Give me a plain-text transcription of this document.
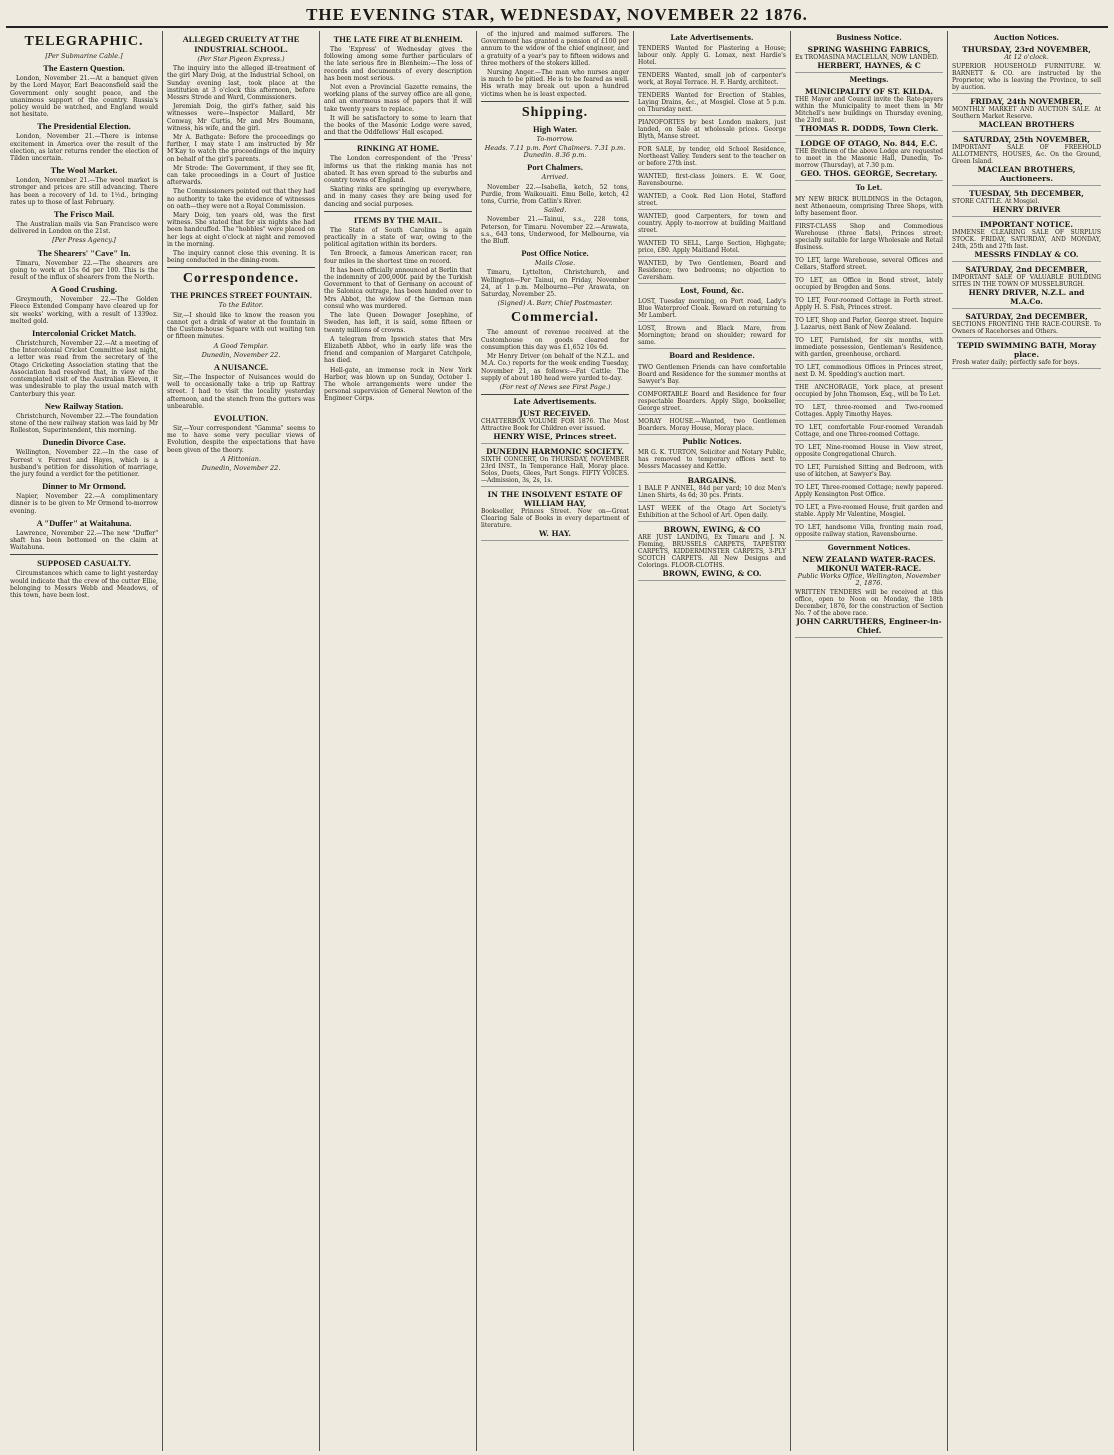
THE EVENING STAR, WEDNESDAY, NOVEMBER 22 1876.
TELEGRAPHIC.
[Per Submarine Cable.]
The Eastern Question.

London, November 21.—At a banquet given by the Lord Mayor, Earl Beaconsfield said the Government only sought peace, and the unanimous support of the country. Russia's policy would be watched, and England would not hesitate.

The Presidential Election.

London, November 21.—There is intense excitement in America over the result of the election, as later returns render the election of Tilden uncertain.

The Wool Market.

London, November 21.—The wool market is stronger and prices are still advancing. There has been a recovery of 1d. to 1½d., bringing rates up to those of last February.

The Frisco Mail.

The Australian mails via San Francisco were delivered in London on the 21st.

[Per Press Agency.]
The Shearers' "Cave" In.

Timaru, November 22.—The shearers are going to work at 15s 6d per 100. This is the result of the influx of shearers from the North.

A Good Crushing.

Greymouth, November 22.—The Golden Fleece Extended Company have cleared up for six weeks' working, with a result of 1339oz. melted gold.

Intercolonial Cricket Match.

Christchurch, November 22.—At a meeting of the Intercolonial Cricket Committee last night, a letter was read from the secretary of the Otago Cricketing Association stating that the Association had resolved that, in view of the contemplated visit of the Australian Eleven, it was undesirable to play the usual match with Canterbury this year.

New Railway Station.

Christchurch, November 22.—The foundation stone of the new railway station was laid by Mr Rolleston, Superintendent, this morning.

Dunedin Divorce Case.

Wellington, November 22.—In the case of Forrest v. Forrest and Hayes, which is a husband's petition for dissolution of marriage, the jury found a verdict for the petitioner.

Dinner to Mr Ormond.

Napier, November 22.—A complimentary dinner is to be given to Mr Ormond to-morrow evening.

A "Duffer" at Waitahuna.

Lawrence, November 22.—The new "Duffer" shaft has been bottomed on the claim at Waitahuna.

SUPPOSED CASUALTY.

Circumstances which came to light yesterday would indicate that the crew of the cutter Ellie, belonging to Messrs Webb and Meadows, of this town, have been lost.

ALLEGED CRUELTY AT THE INDUSTRIAL SCHOOL.
(Per Star Pigeon Express.)

The inquiry into the alleged ill-treatment of the girl Mary Doig, at the Industrial School, on Sunday evening last, took place at the institution at 3 o'clock this afternoon, before Messrs Strode and Ward, Commissioners.

Jeremiah Doig, the girl's father, said his witnesses were—Inspector Mallard, Mr Conway, Mr Curtis, Mr and Mrs Boumann, witness, his wife, and the girl.

Mr A. Bathgate: Before the proceedings go further, I may state I am instructed by Mr M'Kay to watch the proceedings of the inquiry on behalf of the girl's parents.

Mr Strode: The Government, if they see fit, can take proceedings in a Court of Justice afterwards.

The Commissioners pointed out that they had no authority to take the evidence of witnesses on oath—they were not a Royal Commission.

Mary Doig, ten years old, was the first witness. She stated that for six nights she had been handcuffed. The "hobbles" were placed on her legs at eight o'clock at night and removed in the morning.

The inquiry cannot close this evening. It is being conducted in the dining-room.

Correspondence.
THE PRINCES STREET FOUNTAIN.
To the Editor.

Sir,—I should like to know the reason you cannot get a drink of water at the fountain in the Custom-house Square with out waiting ten or fifteen minutes.

A Good Templar.
Dunedin, November 22.
A NUISANCE.

Sir,—The Inspector of Nuisances would do well to occasionally take a trip up Rattray street. I had to visit the locality yesterday afternoon, and the stench from the gutters was unbearable.

EVOLUTION.

Sir,—Your correspondent "Gamma" seems to me to have some very peculiar views of Evolution, despite the expectations that have been given of the theory.

A Hittonian.
Dunedin, November 22.
THE LATE FIRE AT BLENHEIM.

The 'Express' of Wednesday gives the following among some further particulars of the late serious fire in Blenheim:—The loss of records and documents of every description has been most serious.

Not even a Provincial Gazette remains, the working plans of the survey office are all gone, and an enormous mass of papers that it will take twenty years to replace.

It will be satisfactory to some to learn that the books of the Masonic Lodge were saved, and that the Oddfellows' Hall escaped.

RINKING AT HOME.

The London correspondent of the 'Press' informs us that the rinking mania has not abated. It has even spread to the suburbs and country towns of England.

Skating rinks are springing up everywhere, and in many cases they are being used for dancing and social purposes.

ITEMS BY THE MAIL.

The State of South Carolina is again practically in a state of war, owing to the political agitation within its borders.

Ten Broeck, a famous American racer, ran four miles in the shortest time on record.

It has been officially announced at Berlin that the indemnity of 200,000f. paid by the Turkish Government to that of Germany on account of the Salonica outrage, has been handed over to Mrs Abbot, the widow of the German man consul who was murdered.

The late Queen Dowager Josephine, of Sweden, has left, it is said, some fifteen or twenty millions of crowns.

A telegram from Ipswich states that Mrs Elizabeth Abbot, who in early life was the friend and companion of Margaret Catchpole, has died.

Hell-gate, an immense rock in New York Harbor, was blown up on Sunday, October 1. The whole arrangements were under the personal supervision of General Newton of the Engineer Corps.

of the injured and maimed sufferers. The Government has granted a pension of £100 per annum to the widow of the chief engineer, and a gratuity of a year's pay to fifteen widows and three mothers of the stokers killed.

Nursing Anger.—The man who nurses anger is much to be pitied. He is to be feared as well. His wrath may break out upon a hundred victims when he is least expected.

Shipping.
High Water.
To-morrow.
Heads. 7.11 p.m. Port Chalmers. 7.31 p.m. Dunedin. 8.36 p.m.
Port Chalmers.
Arrived.

November 22.—Isabella, ketch, 52 tons, Purdie, from Waikouaiti. Emu Belle, ketch, 42 tons, Currie, from Catlin's River.

Sailed.

November 21.—Tainui, s.s., 228 tons, Peterson, for Timaru. November 22.—Arawata, s.s., 643 tons, Underwood, for Melbourne, via the Bluff.

Post Office Notice.
Mails Close.

Timaru, Lyttelton, Christchurch, and Wellington—Per Tainui, on Friday, November 24, at 1 p.m. Melbourne—Per Arawata, on Saturday, November 25.

(Signed) A. Barr, Chief Postmaster.
Commercial.

The amount of revenue received at the Customhouse on goods cleared for consumption this day was £1,652 10s 6d.

Mr Henry Driver (on behalf of the N.Z.L. and M.A. Co.) reports for the week ending Tuesday, November 21, as follows:—Fat Cattle: The supply of about 180 head were yarded to-day.

(For rest of News see First Page.)
Late Advertisements.
JUST RECEIVED.
CHATTERBOX VOLUME FOR 1876. The Most Attractive Book for Children ever issued.
HENRY WISE, Princes street.
DUNEDIN HARMONIC SOCIETY.
SIXTH CONCERT, On THURSDAY, NOVEMBER 23rd INST., In Temperance Hall, Moray place. Solos, Duets, Glees, Part Songs. FIFTY VOICES.—Admission, 3s, 2s, 1s.
IN THE INSOLVENT ESTATE OF WILLIAM HAY,
Bookseller, Princes Street. Now on—Great Clearing Sale of Books in every department of literature.
W. HAY.
Late Advertisements.
TENDERS Wanted for Plastering a House; labour only. Apply G. Lomax, next Hardie's Hotel.
TENDERS Wanted, small job of carpenter's work, at Royal Terrace. H. F. Hardy, architect.
TENDERS Wanted for Erection of Stables, Laying Drains, &c., at Mosgiel. Close at 5 p.m. on Thursday next.
PIANOFORTES by best London makers, just landed, on Sale at wholesale prices. George Blyth, Manse street.
FOR SALE, by tender, old School Residence, Northeast Valley. Tenders sent to the teacher on or before 27th inst.
WANTED, first-class Joiners. E. W. Goer, Ravensbourne.
WANTED, a Cook. Red Lion Hotel, Stafford street.
WANTED, good Carpenters, for town and country. Apply to-morrow at building Maitland street.
WANTED TO SELL, Large Section, Highgate; price, £80. Apply Maitland Hotel.
WANTED, by Two Gentlemen, Board and Residence; two bedrooms; no objection to Caversham.
Lost, Found, &c.
LOST, Tuesday morning, on Port road, Lady's Blue Waterproof Cloak. Reward on returning to Mr Lambert.
LOST, Brown and Black Mare, from Mornington; brand on shoulder; reward for same.
Board and Residence.
TWO Gentlemen Friends can have comfortable Board and Residence for the summer months at Sawyer's Bay.
COMFORTABLE Board and Residence for four respectable Boarders. Apply Sligo, bookseller, George street.
MORAY HOUSE.—Wanted, two Gentlemen Boarders. Moray House, Moray place.
Public Notices.
MR G. K. TURTON, Solicitor and Notary Public, has removed to temporary offices next to Messrs Macassey and Kettle.
BARGAINS.
1 BALE P ANNEL, 84d per yard; 10 doz Men's Linen Shirts, 4s 6d; 30 pcs. Prints.
LAST WEEK of the Otago Art Society's Exhibition at the School of Art. Open daily.
BROWN, EWING, & CO
ARE JUST LANDING, Ex Timaru and J. N. Fleming, BRUSSELS CARPETS, TAPESTRY CARPETS, KIDDERMINSTER CARPETS, 3-PLY SCOTCH CARPETS. All New Designs and Colorings. FLOOR-CLOTHS.
BROWN, EWING, & CO.
Business Notice.
SPRING WASHING FABRICS,
Ex TROMASINA MACLELLAN, NOW LANDED.
HERBERT, HAYNES, & C
Meetings.
MUNICIPALITY OF ST. KILDA.
THE Mayor and Council invite the Rate-payers within the Municipality to meet them in Mr Mitchell's new buildings on Thursday evening, the 23rd inst.
THOMAS R. DODDS, Town Clerk.
LODGE OF OTAGO, No. 844, E.C.
THE Brethren of the above Lodge are requested to meet in the Masonic Hall, Dunedin, To-morrow (Thursday), at 7.30 p.m.
GEO. THOS. GEORGE, Secretary.
To Let.
MY NEW BRICK BUILDINGS in the Octagon, next Athenaeum, comprising Three Shops, with lofty basement floor.
FIRST-CLASS Shop and Commodious Warehouse (three flats), Princes street; specially suitable for large Wholesale and Retail Business.
TO LET, large Warehouse, several Offices and Cellars, Stafford street.
TO LET, an Office in Bond street, lately occupied by Brogden and Sons.
TO LET, Four-roomed Cottage in Forth street. Apply H. S. Fish, Princes street.
TO LET, Shop and Parlor, George street. Inquire J. Lazarus, next Bank of New Zealand.
TO LET, Furnished, for six months, with immediate possession, Gentleman's Residence, with garden, greenhouse, orchard.
TO LET, commodious Offices in Princes street, next D. M. Spedding's auction mart.
THE ANCHORAGE, York place, at present occupied by John Thomson, Esq., will be To Let.
TO LET, three-roomed and Two-roomed Cottages. Apply Timothy Hayes.
TO LET, comfortable Four-roomed Verandah Cottage, and one Three-roomed Cottage.
TO LET, Nine-roomed House in View street, opposite Congregational Church.
TO LET, Furnished Sitting and Bedroom, with use of kitchen, at Sawyer's Bay.
TO LET, Three-roomed Cottage; newly papered. Apply Kensington Post Office.
TO LET, a Five-roomed House, fruit garden and stable. Apply Mr Valentine, Mosgiel.
TO LET, handsome Villa, fronting main road, opposite railway station, Ravensbourne.
Government Notices.
NEW ZEALAND WATER-RACES.
MIKONUI WATER-RACE.
Public Works Office, Wellington, November 2, 1876.
WRITTEN TENDERS will be received at this office, open to Noon on Monday, the 18th December, 1876, for the construction of Section No. 7 of the above race.
JOHN CARRUTHERS, Engineer-in-Chief.
Auction Notices.
THURSDAY, 23rd NOVEMBER,
At 12 o'clock.
SUPERIOR HOUSEHOLD FURNITURE. W. BARNETT & CO. are instructed by the Proprietor, who is leaving the Province, to sell by auction.
FRIDAY, 24th NOVEMBER,
MONTHLY MARKET AND AUCTION SALE. At Southern Market Reserve.
MACLEAN BROTHERS
SATURDAY, 25th NOVEMBER,
IMPORTANT SALE OF FREEHOLD ALLOTMENTS, HOUSES, &c. On the Ground, Green Island.
MACLEAN BROTHERS, Auctioneers.
TUESDAY, 5th DECEMBER,
STORE CATTLE. At Mosgiel.
HENRY DRIVER
IMPORTANT NOTICE.
IMMENSE CLEARING SALE OF SURPLUS STOCK. FRIDAY, SATURDAY, AND MONDAY, 24th, 25th and 27th Inst.
MESSRS FINDLAY & CO.
SATURDAY, 2nd DECEMBER,
IMPORTANT SALE OF VALUABLE BUILDING SITES IN THE TOWN OF MUSSELBURGH.
HENRY DRIVER, N.Z.L. and M.A.Co.
SATURDAY, 2nd DECEMBER,
SECTIONS FRONTING THE RACE-COURSE. To Owners of Racehorses and Others.
TEPID SWIMMING BATH, Moray place.
Fresh water daily; perfectly safe for boys.
